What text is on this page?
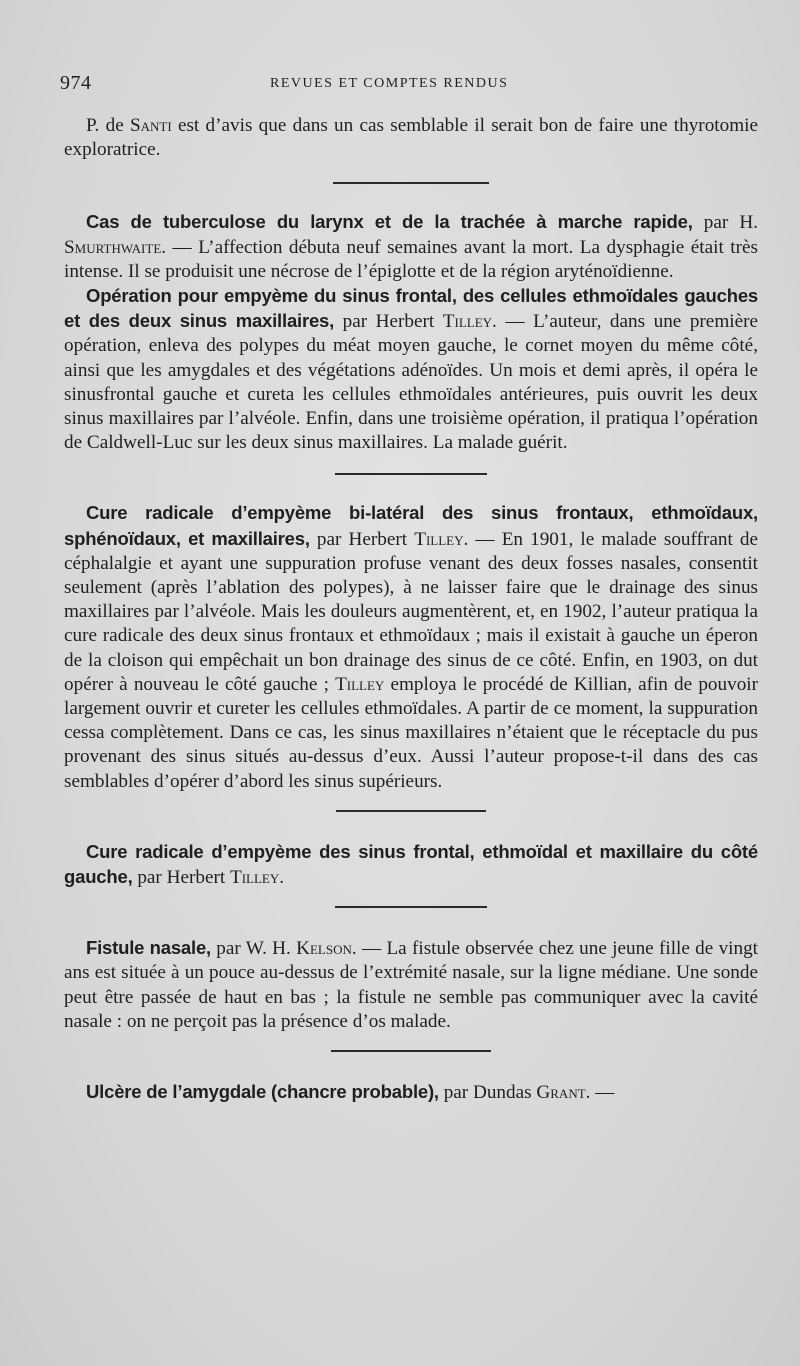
974	REVUES ET COMPTES RENDUS

P. de Santi est d’avis que dans un cas semblable il serait bon de faire une thyrotomie exploratrice.

Cas de tuberculose du larynx et de la trachée à marche rapide, par H. Smurthwaite. — L’affection débuta neuf semaines avant la mort. La dysphagie était très intense. Il se produisit une nécrose de l’épiglotte et de la région aryténoïdienne.

Opération pour empyème du sinus frontal, des cellules ethmoïdales gauches et des deux sinus maxillaires, par Herbert Tilley. — L’auteur, dans une première opération, enleva des polypes du méat moyen gauche, le cornet moyen du même côté, ainsi que les amygdales et des végétations adénoïdes. Un mois et demi après, il opéra le sinusfrontal gauche et cureta les cellules ethmoïdales antérieures, puis ouvrit les deux sinus maxillaires par l’alvéole. Enfin, dans une troisième opération, il pratiqua l’opération de Caldwell-Luc sur les deux sinus maxillaires. La malade guérit.

Cure radicale d’empyème bi-latéral des sinus frontaux, ethmoïdaux, sphénoïdaux, et maxillaires, par Herbert Tilley. — En 1901, le malade souffrant de céphalalgie et ayant une suppuration profuse venant des deux fosses nasales, consentit seulement (après l’ablation des polypes), à ne laisser faire que le drainage des sinus maxillaires par l’alvéole. Mais les douleurs augmentèrent, et, en 1902, l’auteur pratiqua la cure radicale des deux sinus frontaux et ethmoïdaux ; mais il existait à gauche un éperon de la cloison qui empêchait un bon drainage des sinus de ce côté. Enfin, en 1903, on dut opérer à nouveau le côté gauche ; Tilley employa le procédé de Killian, afin de pouvoir largement ouvrir et cureter les cellules ethmoïdales. A partir de ce moment, la suppuration cessa complètement. Dans ce cas, les sinus maxillaires n’étaient que le réceptacle du pus provenant des sinus situés au-dessus d’eux. Aussi l’auteur propose-t-il dans des cas semblables d’opérer d’abord les sinus supérieurs.

Cure radicale d’empyème des sinus frontal, ethmoïdal et maxillaire du côté gauche, par Herbert Tilley.

Fistule nasale, par W. H. Kelson. — La fistule observée chez une jeune fille de vingt ans est située à un pouce au-dessus de l’extrémité nasale, sur la ligne médiane. Une sonde peut être passée de haut en bas ; la fistule ne semble pas communiquer avec la cavité nasale : on ne perçoit pas la présence d’os malade.

Ulcère de l’amygdale (chancre probable), par Dundas Grant. —
